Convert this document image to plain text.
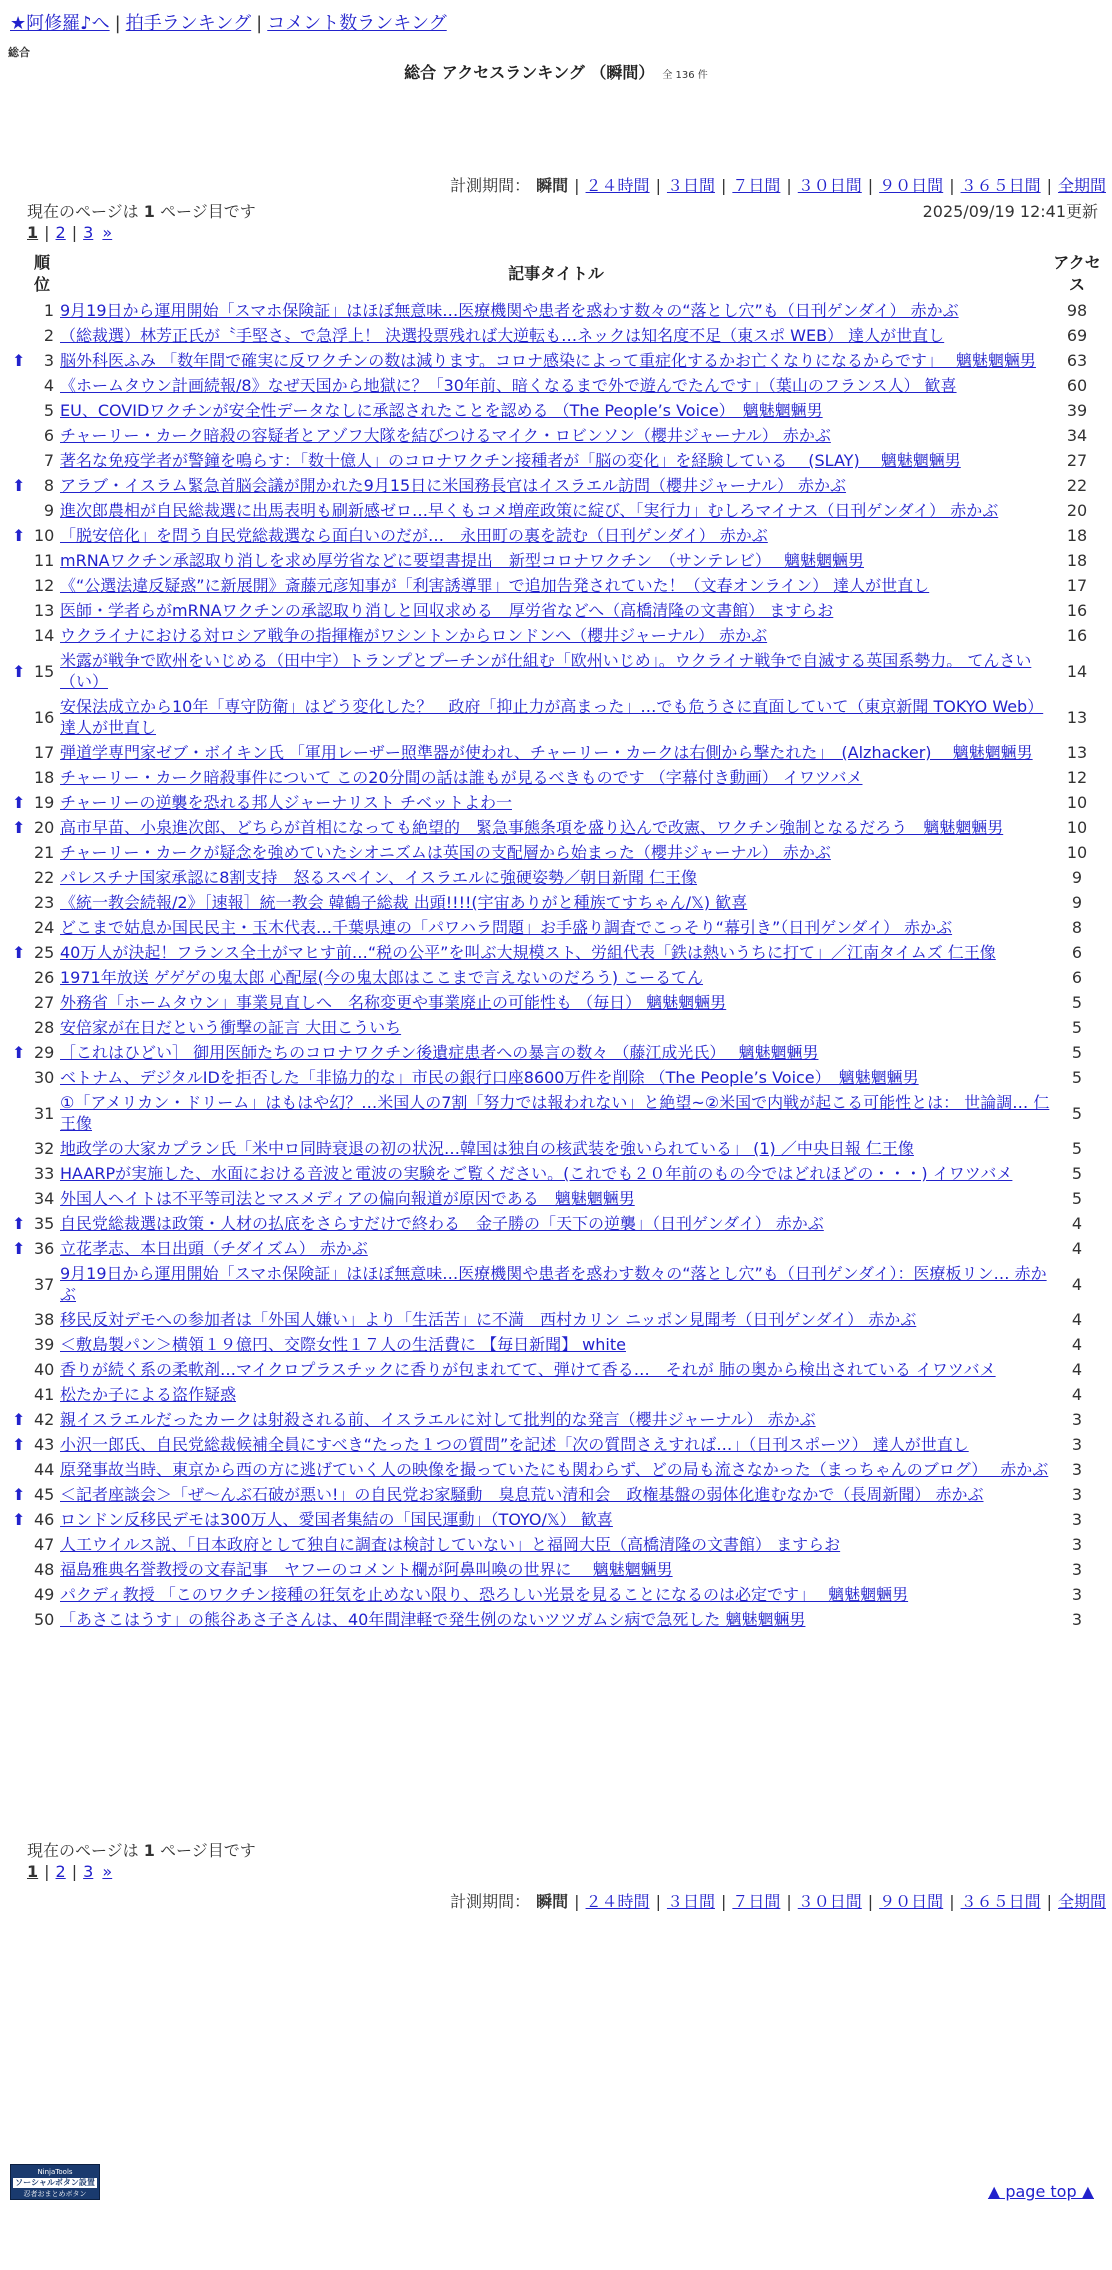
★阿修羅♪へ | 拍手ランキング | コメント数ランキング
総合
総合 アクセスランキング （瞬間） 全 136 件
計測期間： 瞬間 | ２４時間 | ３日間 | ７日間 | ３０日間 | ９０日間 | ３６５日間 | 全期間
現在のページは 1 ページ目です	2025/09/19 12:41更新
1 | 2 | 3 »
	順位	記事タイトル	アクセス
	1	9月19日から運用開始「スマホ保険証」はほぼ無意味…医療機関や患者を惑わす数々の“落とし穴”も（日刊ゲンダイ） 赤かぶ	98
	2	（総裁選）林芳正氏が〝手堅さ〟で急浮上！ 決選投票残れば大逆転も…ネックは知名度不足（東スポ WEB） 達人が世直し	69
⬆	3	脳外科医ふみ 「数年間で確実に反ワクチンの数は減ります。コロナ感染によって重症化するかお亡くなりになるからです」　 魑魅魍魎男	63
	4	《ホームタウン計画続報/8》なぜ天国から地獄に？「30年前、暗くなるまで外で遊んでたんです」（葉山のフランス人） 歓喜	60
	5	EU、COVIDワクチンが安全性データなしに承認されたことを認める （The People’s Voice）　魑魅魍魎男	39
	6	チャーリー・カーク暗殺の容疑者とアゾフ大隊を結びつけるマイク・ロビンソン（櫻井ジャーナル） 赤かぶ	34
	7	著名な免疫学者が警鐘を鳴らす：「数十億人」のコロナワクチン接種者が「脳の変化」を経験している 　(SLAY)　 魑魅魍魎男	27
⬆	8	アラブ・イスラム緊急首脳会議が開かれた9月15日に米国務長官はイスラエル訪問（櫻井ジャーナル） 赤かぶ	22
	9	進次郎農相が自民総裁選に出馬表明も刷新感ゼロ…早くもコメ増産政策に綻び、「実行力」むしろマイナス（日刊ゲンダイ） 赤かぶ	20
⬆	10	「脱安倍化」を問う自民党総裁選なら面白いのだが…　永田町の裏を読む（日刊ゲンダイ） 赤かぶ	18
	11	mRNAワクチン承認取り消しを求め厚労省などに要望書提出　新型コロナワクチン　（サンテレビ）　 魑魅魍魎男	18
	12	《“公選法違反疑惑”に新展開》斎藤元彦知事が「利害誘導罪」で追加告発されていた！（文春オンライン） 達人が世直し	17
	13	医師・学者らがmRNAワクチンの承認取り消しと回収求める　厚労省などへ（高橋清隆の文書館） ますらお	16
	14	ウクライナにおける対ロシア戦争の指揮権がワシントンからロンドンへ（櫻井ジャーナル） 赤かぶ	16
⬆	15	米露が戦争で欧州をいじめる（田中宇）トランプとプーチンが仕組む「欧州いじめ」。ウクライナ戦争で自滅する英国系勢力。 てんさい（い）	14
	16	安保法成立から10年「専守防衛」はどう変化した？　政府「抑止力が高まった」…でも危うさに直面していて（東京新聞 TOKYO Web） 達人が世直し	13
	17	弾道学専門家ゼブ・ボイキン氏 「軍用レーザー照準器が使われ、チャーリー・カークは右側から撃たれた」　(Alzhacker)　 魑魅魍魎男	13
	18	チャーリー・カーク暗殺事件について この20分間の話は誰もが見るべきものです （字幕付き動画） イワツバメ	12
⬆	19	チャーリーの逆襲を恐れる邦人ジャーナリスト チベットよわ一	10
⬆	20	高市早苗、小泉進次郎、どちらが首相になっても絶望的　緊急事態条項を盛り込んで改憲、ワクチン強制となるだろう　魑魅魍魎男	10
	21	チャーリー・カークが疑念を強めていたシオニズムは英国の支配層から始まった（櫻井ジャーナル） 赤かぶ	10
	22	パレスチナ国家承認に8割支持　怒るスペイン、イスラエルに強硬姿勢／朝日新聞 仁王像	9
	23	《統一教会続報/2》［速報］統一教会 韓鶴子総裁 出頭!!!!(宇宙ありがと種族てすちゃん/𝕏) 歓喜	9
	24	どこまで姑息か国民民主・玉木代表…千葉県連の「パワハラ問題」お手盛り調査でこっそり“幕引き”（日刊ゲンダイ） 赤かぶ	8
⬆	25	40万人が決起！フランス全土がマヒす前…“税の公平”を叫ぶ大規模スト、労組代表「鉄は熱いうちに打て」／江南タイムズ 仁王像	6
	26	1971年放送 ゲゲゲの鬼太郎 心配屋(今の鬼太郎はここまで言えないのだろう) こーるてん	6
	27	外務省「ホームタウン」事業見直しへ　名称変更や事業廃止の可能性も （毎日） 魑魅魍魎男	5
	28	安倍家が在日だという衝撃の証言 大田こういち	5
⬆	29	［これはひどい］ 御用医師たちのコロナワクチン後遺症患者への暴言の数々 （藤江成光氏）　 魑魅魍魎男	5
	30	ベトナム、デジタルIDを拒否した「非協力的な」市民の銀行口座8600万件を削除 （The People’s Voice）　魑魅魍魎男	5
	31	①「アメリカン・ドリーム」はもはや幻？…米国人の7割「努力では報われない」と絶望~②米国で内戦が起こる可能性とは： 世論調… 仁王像	5
	32	地政学の大家カプラン氏「米中ロ同時衰退の初の状況…韓国は独自の核武装を強いられている」 (1) ／中央日報 仁王像	5
	33	HAARPが実施した、水面における音波と電波の実験をご覧ください。(これでも２０年前のもの今ではどれほどの・・・) イワツバメ	5
	34	外国人ヘイトは不平等司法とマスメディアの偏向報道が原因である　魑魅魍魎男	5
⬆	35	自民党総裁選は政策・人材の払底をさらすだけで終わる　金子勝の「天下の逆襲」（日刊ゲンダイ） 赤かぶ	4
⬆	36	立花孝志、本日出頭（チダイズム） 赤かぶ	4
	37	9月19日から運用開始「スマホ保険証」はほぼ無意味…医療機関や患者を惑わす数々の“落とし穴”も（日刊ゲンダイ）：医療板リン… 赤かぶ	4
	38	移民反対デモへの参加者は「外国人嫌い」より「生活苦」に不満　西村カリン ニッポン見聞考（日刊ゲンダイ） 赤かぶ	4
	39	＜敷島製パン＞横領１９億円、交際女性１７人の生活費に 【毎日新聞】 white	4
	40	香りが続く系の柔軟剤…マイクロプラスチックに香りが包まれてて、弾けて香る…　それが 肺の奥から検出されている イワツバメ	4
	41	松たか子による盗作疑惑	4
⬆	42	親イスラエルだったカークは射殺される前、イスラエルに対して批判的な発言（櫻井ジャーナル） 赤かぶ	3
⬆	43	小沢一郎氏、自民党総裁候補全員にすべき“たった１つの質問”を記述「次の質問さえすれば…」（日刊スポーツ） 達人が世直し	3
	44	原発事故当時、東京から西の方に逃げていく人の映像を撮っていたにも関わらず、どの局も流さなかった（まっちゃんのブログ）　 赤かぶ	3
⬆	45	＜記者座談会＞「ぜ～んぶ石破が悪い!」の自民党お家騒動　臭息荒い清和会　政権基盤の弱体化進むなかで（長周新聞） 赤かぶ	3
⬆	46	ロンドン反移民デモは300万人、愛国者集結の「国民運動」（TOYO/𝕏） 歓喜	3
	47	人工ウイルス説、「日本政府として独自に調査は検討していない」と福岡大臣（高橋清隆の文書館） ますらお	3
	48	福島雅典名誉教授の文春記事　ヤフーのコメント欄が阿鼻叫喚の世界に　 魑魅魍魎男	3
	49	パクディ教授 「このワクチン接種の狂気を止めない限り、恐ろしい光景を見ることになるのは必定です」　 魑魅魍魎男	3
	50	「あさこはうす」の熊谷あさ子さんは、40年間津軽で発生例のないツツガムシ病で急死した 魑魅魍魎男	3
現在のページは 1 ページ目です
1 | 2 | 3 »
計測期間： 瞬間 | ２４時間 | ３日間 | ７日間 | ３０日間 | ９０日間 | ３６５日間 | 全期間
NinjaTools
ソーシャルボタン設置
忍者おまとめボタン	▲ page top ▲
